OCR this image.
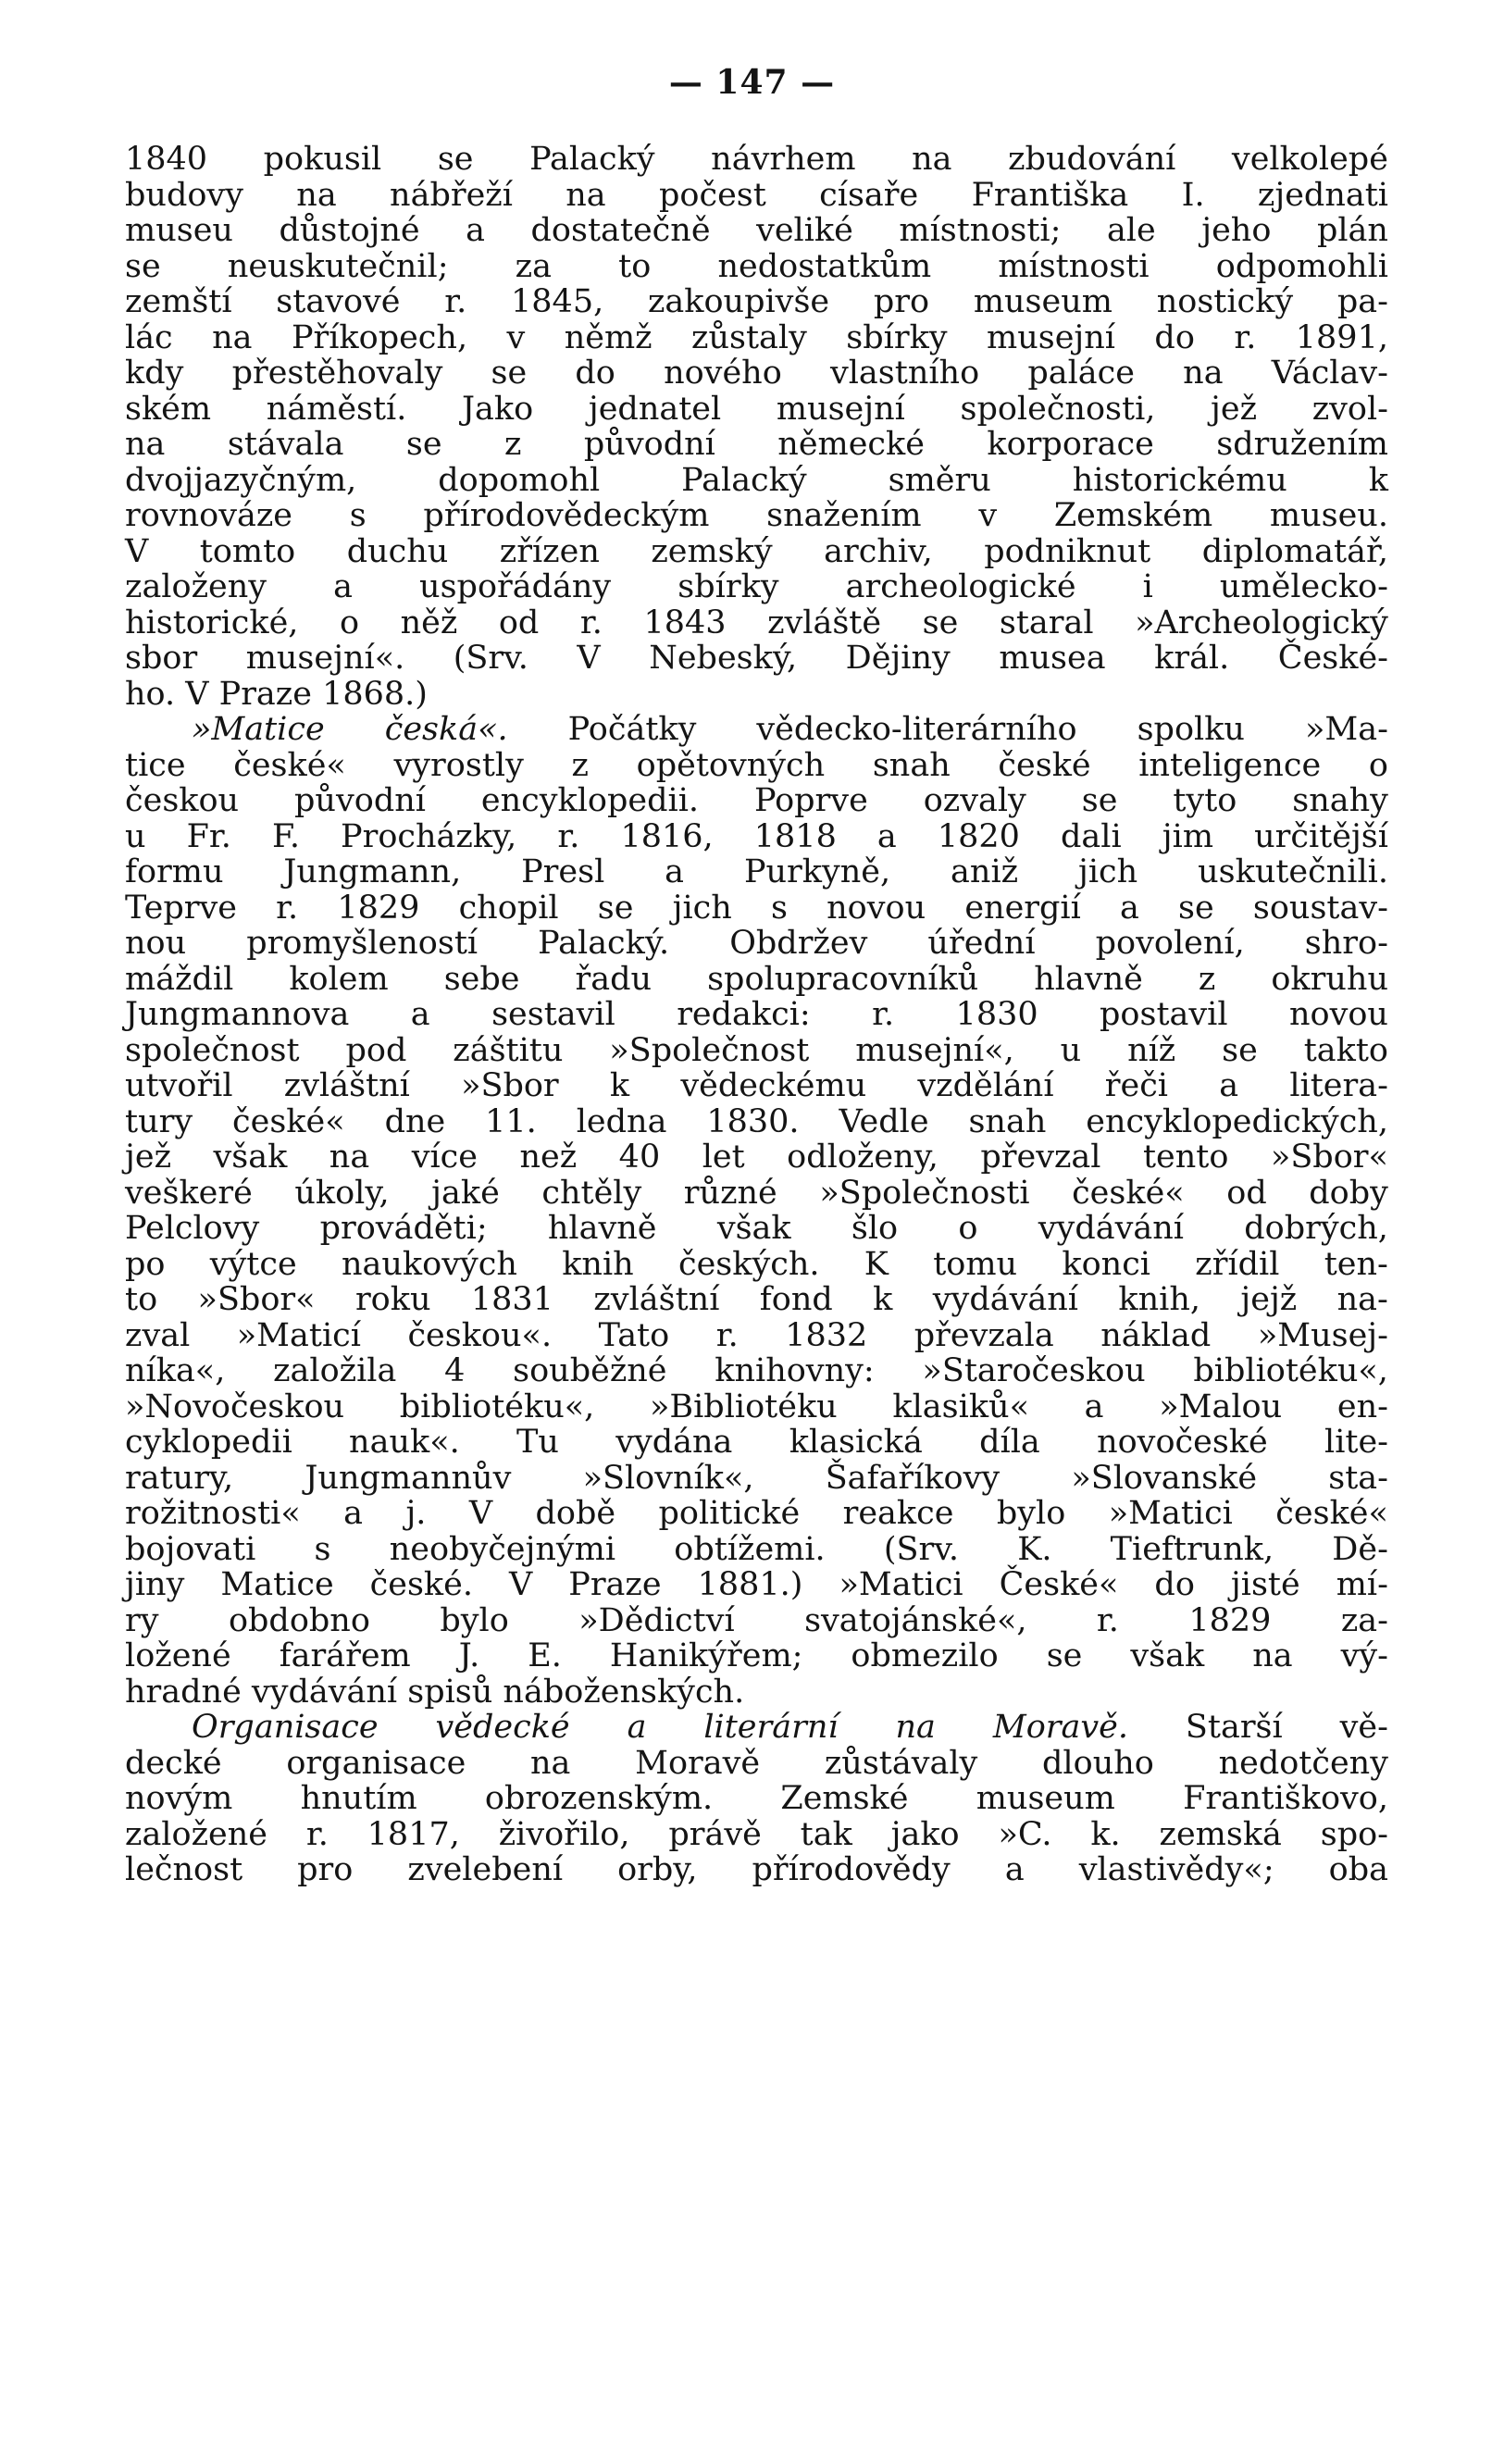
— 147 —
1840 pokusil se Palacký návrhem na zbudování velkolepé
budovy na nábřeží na počest císaře Františka I. zjednati
museu důstojné a dostatečně veliké místnosti; ale jeho plán
se neuskutečnil; za to nedostatkům místnosti odpomohli
zemští stavové r. 1845, zakoupivše pro museum nostický pa-
lác na Příkopech, v němž zůstaly sbírky musejní do r. 1891,
kdy přestěhovaly se do nového vlastního paláce na Václav-
ském náměstí. Jako jednatel musejní společnosti, jež zvol-
na stávala se z původní německé korporace sdružením
dvojjazyčným,	dopomohl	Palacký	směru	historickému	k
rovnováze s přírodovědeckým snažením v Zemském museu.
V tomto duchu zřízen zemský archiv, podniknut diplomatář,
založeny a uspořádány sbírky archeologické i umělecko-
historické, o něž od r. 1843 zvláště se staral »Archeologický
sbor musejní«. (Srv. V Nebeský, Dějiny musea král. České-
ho. V Praze 1868.)
»Matice česká«. Počátky vědecko-literárního spolku »Ma-
tice české« vyrostly z opětovných snah české inteligence o
českou původní encyklopedii. Poprve ozvaly se tyto snahy
u Fr. F. Procházky, r. 1816, 1818 a 1820 dali jim určitější
formu Jungmann, Presl a Purkyně, aniž jich uskutečnili.
Teprve r. 1829 chopil se jich s novou energií a se soustav-
nou promyšleností Palacký. Obdržev úřední povolení, shro-
máždil kolem sebe řadu spolupracovníků hlavně z okruhu
Jungmannova a sestavil redakci: r. 1830 postavil novou
společnost pod záštitu »Společnost musejní«, u níž se takto
utvořil zvláštní »Sbor k vědeckému vzdělání řeči a litera-
tury české« dne 11. ledna 1830. Vedle snah encyklopedických,
jež však na více než 40 let odloženy, převzal tento »Sbor«
veškeré úkoly, jaké chtěly různé »Společnosti české« od doby
Pelclovy prováděti; hlavně však šlo o vydávání dobrých,
po výtce naukových knih českých. K tomu konci zřídil ten-
to »Sbor« roku 1831 zvláštní fond k vydávání knih, jejž na-
zval »Maticí českou«. Tato r. 1832 převzala náklad »Musej-
níka«, založila 4 souběžné knihovny: »Staročeskou bibliotéku«,
»Novočeskou bibliotéku«, »Bibliotéku klasiků« a »Malou en-
cyklopedii nauk«. Tu vydána klasická díla novočeské lite-
ratury, Jungmannův »Slovník«, Šafaříkovy »Slovanské sta-
rožitnosti« a j. V době politické reakce bylo »Matici české«
bojovati s neobyčejnými obtížemi. (Srv. K. Tieftrunk, Dě-
jiny Matice české. V Praze 1881.) »Matici České« do jisté mí-
ry obdobno bylo »Dědictví svatojánské«, r. 1829 za-
ložené farářem J. E. Hanikýřem; obmezilo se však na vý-
hradné vydávání spisů náboženských.
Organisace vědecké a literární na Moravě. Starší vě-
decké organisace na Moravě zůstávaly dlouho nedotčeny
novým hnutím obrozenským. Zemské museum Františkovo,
založené r. 1817, živořilo, právě tak jako »C. k. zemská spo-
lečnost pro zvelebení orby, přírodovědy a vlastivědy«; oba
